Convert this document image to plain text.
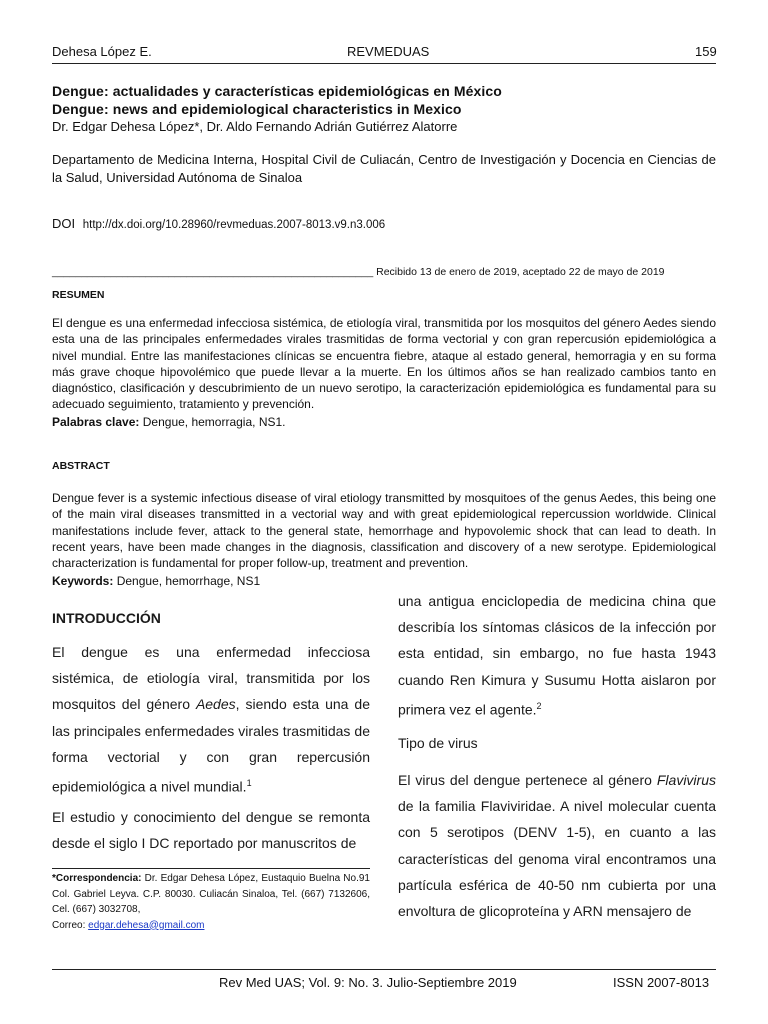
Dehesa López E.	REVMEDUAS	159
Dengue: actualidades y características epidemiológicas en México
Dengue: news and epidemiological characteristics in Mexico
Dr. Edgar Dehesa López*, Dr. Aldo Fernando Adrián Gutiérrez Alatorre
Departamento de Medicina Interna, Hospital Civil de Culiacán, Centro de Investigación y Docencia en Ciencias de la Salud, Universidad Autónoma de Sinaloa
DOI http://dx.doi.org/10.28960/revmeduas.2007-8013.v9.n3.006
_______________________________________________________ Recibido 13 de enero de 2019, aceptado 22 de mayo de 2019
RESUMEN
El dengue es una enfermedad infecciosa sistémica, de etiología viral, transmitida por los mosquitos del género Aedes siendo esta una de las principales enfermedades virales trasmitidas de forma vectorial y con gran repercusión epidemiológica a nivel mundial. Entre las manifestaciones clínicas se encuentra fiebre, ataque al estado general, hemorragia y en su forma más grave choque hipovolémico que puede llevar a la muerte. En los últimos años se han realizado cambios tanto en diagnóstico, clasificación y descubrimiento de un nuevo serotipo, la caracterización epidemiológica es fundamental para su adecuado seguimiento, tratamiento y prevención.
Palabras clave: Dengue, hemorragia, NS1.
ABSTRACT
Dengue fever is a systemic infectious disease of viral etiology transmitted by mosquitoes of the genus Aedes, this being one of the main viral diseases transmitted in a vectorial way and with great epidemiological repercussion worldwide. Clinical manifestations include fever, attack to the general state, hemorrhage and hypovolemic shock that can lead to death. In recent years, have been made changes in the diagnosis, classification and discovery of a new serotype. Epidemiological characterization is fundamental for proper follow-up, treatment and prevention.
Keywords: Dengue, hemorrhage, NS1
INTRODUCCIÓN
El dengue es una enfermedad infecciosa sistémica, de etiología viral, transmitida por los mosquitos del género Aedes, siendo esta una de las principales enfermedades virales trasmitidas de forma vectorial y con gran repercusión epidemiológica a nivel mundial.$^1$
El estudio y conocimiento del dengue se remonta desde el siglo I DC reportado por manuscritos de
*Correspondencia: Dr. Edgar Dehesa López, Eustaquio Buelna No.91 Col. Gabriel Leyva. C.P. 80030. Culiacán Sinaloa, Tel. (667) 7132606, Cel. (667) 3032708,
Correo: edgar.dehesa@gmail.com
una antigua enciclopedia de medicina china que describía los síntomas clásicos de la infección por esta entidad, sin embargo, no fue hasta 1943 cuando Ren Kimura y Susumu Hotta aislaron por primera vez el agente.$^2$
Tipo de virus
El virus del dengue pertenece al género Flavivirus de la familia Flaviviridae. A nivel molecular cuenta con 5 serotipos (DENV 1-5), en cuanto a las características del genoma viral encontramos una partícula esférica de 40-50 nm cubierta por una envoltura de glicoproteína y ARN mensajero de
Rev Med UAS; Vol. 9: No. 3. Julio-Septiembre 2019	ISSN 2007-8013
